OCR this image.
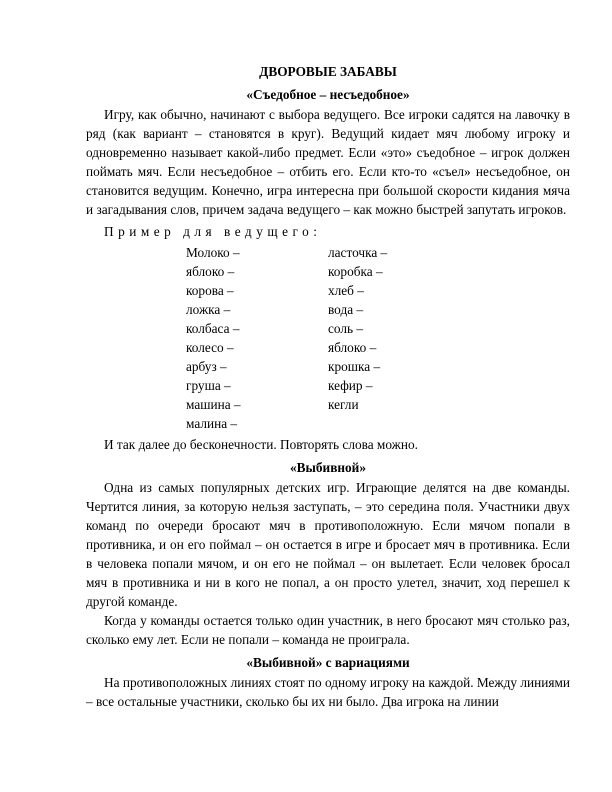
ДВОРОВЫЕ ЗАБАВЫ
«Съедобное – несъедобное»

Игру, как обычно, начинают с выбора ведущего. Все игроки садятся на лавочку в ряд (как вариант – становятся в круг). Ведущий кидает мяч любому игроку и одновременно называет какой-либо предмет. Если «это» съедобное – игрок должен поймать мяч. Если несъедобное – отбить его. Если кто-то «съел» несъедобное, он становится ведущим. Конечно, игра интересна при большой скорости кидания мяча и загадывания слов, причем задача ведущего – как можно быстрей запутать игроков.

Пример для ведущего:
Молоко –
яблоко –
корова –
ложка –
колбаса –
колесо –
арбуз –
груша –
машина –
малина –
ласточка –
коробка –
хлеб –
вода –
соль –
яблоко –
крошка –
кефир –
кегли
И так далее до бесконечности. Повторять слова можно.
«Выбивной»

Одна из самых популярных детских игр. Играющие делятся на две команды. Чертится линия, за которую нельзя заступать, – это середина поля. Участники двух команд по очереди бросают мяч в противоположную. Если мячом попали в противника, и он его поймал – он остается в игре и бросает мяч в противника. Если в человека попали мячом, и он его не поймал – он вылетает. Если человек бросал мяч в противника и ни в кого не попал, а он просто улетел, значит, ход перешел к другой команде.

Когда у команды остается только один участник, в него бросают мяч столько раз, сколько ему лет. Если не попали – команда не проиграла.

«Выбивной» с вариациями

На противоположных линиях стоят по одному игроку на каждой. Между линиями – все остальные участники, сколько бы их ни было. Два игрока на линии
